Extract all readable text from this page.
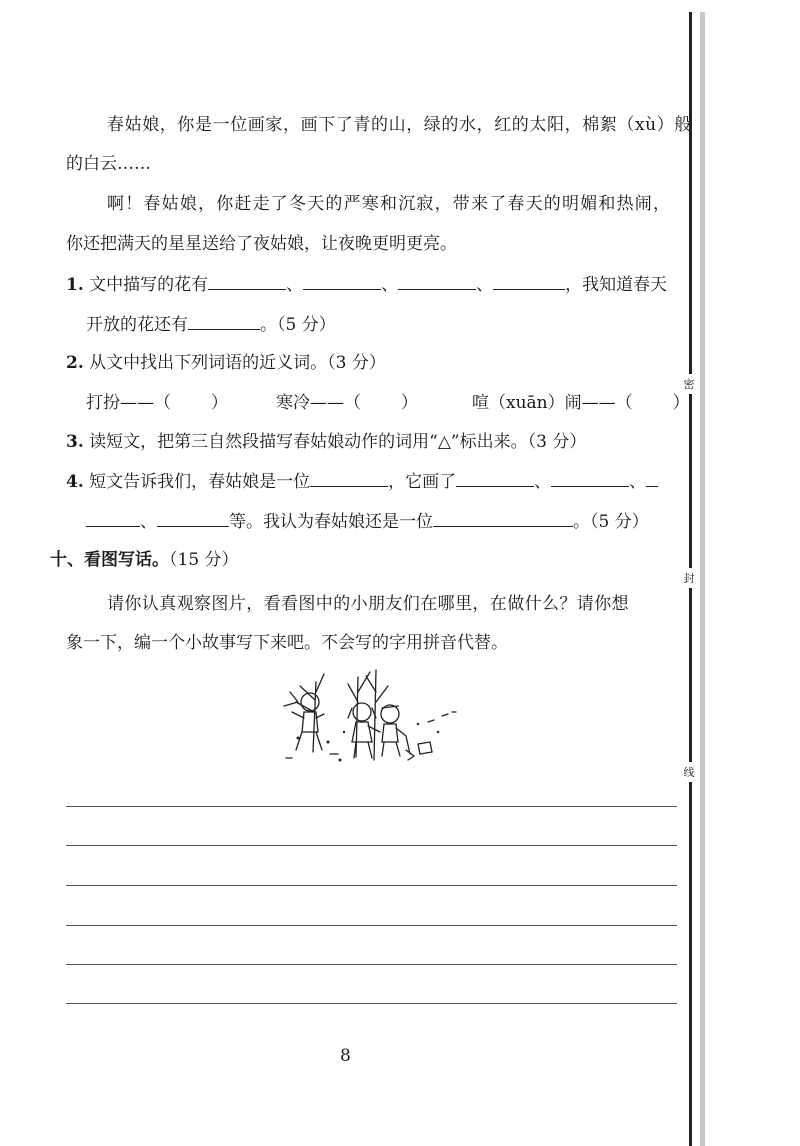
密
封
线
春姑娘，你是一位画家，画下了青的山，绿的水，红的太阳，棉絮（xù）般
的白云……
啊！春姑娘，你赶走了冬天的严寒和沉寂，带来了春天的明媚和热闹，
你还把满天的星星送给了夜姑娘，让夜晚更明更亮。
1. 文中描写的花有	、	、	、	，我知道春天
开放的花还有	。（5 分）
2. 从文中找出下列词语的近义词。（3 分）
打扮——（ ）	寒冷——（ ）	喧（xuān）闹——（ ）
3. 读短文，把第三自然段描写春姑娘动作的词用“△”标出来。（3 分）
4. 短文告诉我们，春姑娘是一位	，它画了	、	、
、	等。我认为春姑娘还是一位	。（5 分）
十、看图写话。（15 分）
请你认真观察图片，看看图中的小朋友们在哪里，在做什么？请你想
象一下，编一个小故事写下来吧。不会写的字用拼音代替。
8
